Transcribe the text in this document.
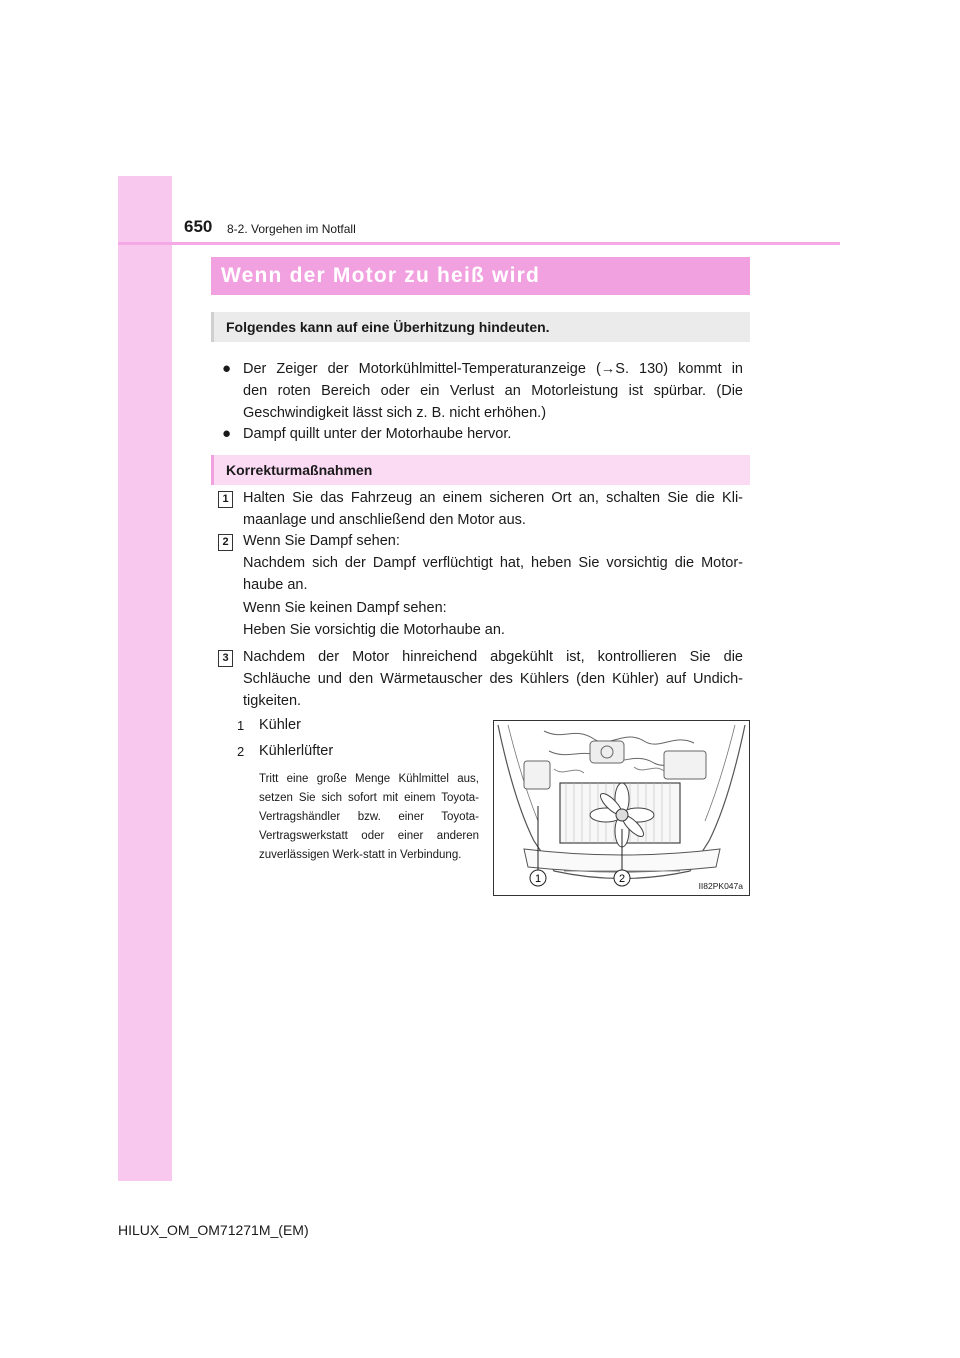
650 8-2. Vorgehen im Notfall
Wenn der Motor zu heiß wird
Folgendes kann auf eine Überhitzung hindeuten.
● Der Zeiger der Motorkühlmittel-Temperaturanzeige (→S. 130) kommt in
den roten Bereich oder ein Verlust an Motorleistung ist spürbar. (Die
Geschwindigkeit lässt sich z. B. nicht erhöhen.)
● Dampf quillt unter der Motorhaube hervor.
Korrekturmaßnahmen
1 Halten Sie das Fahrzeug an einem sicheren Ort an, schalten Sie die Kli-
maanlage und anschließend den Motor aus.
2 Wenn Sie Dampf sehen:
Nachdem sich der Dampf verflüchtigt hat, heben Sie vorsichtig die Motor-
haube an.
Wenn Sie keinen Dampf sehen:
Heben Sie vorsichtig die Motorhaube an.
3 Nachdem der Motor hinreichend abgekühlt ist, kontrollieren Sie die
Schläuche und den Wärmetauscher des Kühlers (den Kühler) auf Undich-
tigkeiten.
1 Kühler
2 Kühlerlüfter
Tritt eine große Menge Kühlmittel aus, setzen Sie sich sofort mit einem Toyota-Vertragshändler bzw. einer Toyota-Vertragswerkstatt oder einer anderen zuverlässigen Werk-statt in Verbindung.
1	2
II82PK047a
HILUX_OM_OM71271M_(EM)
